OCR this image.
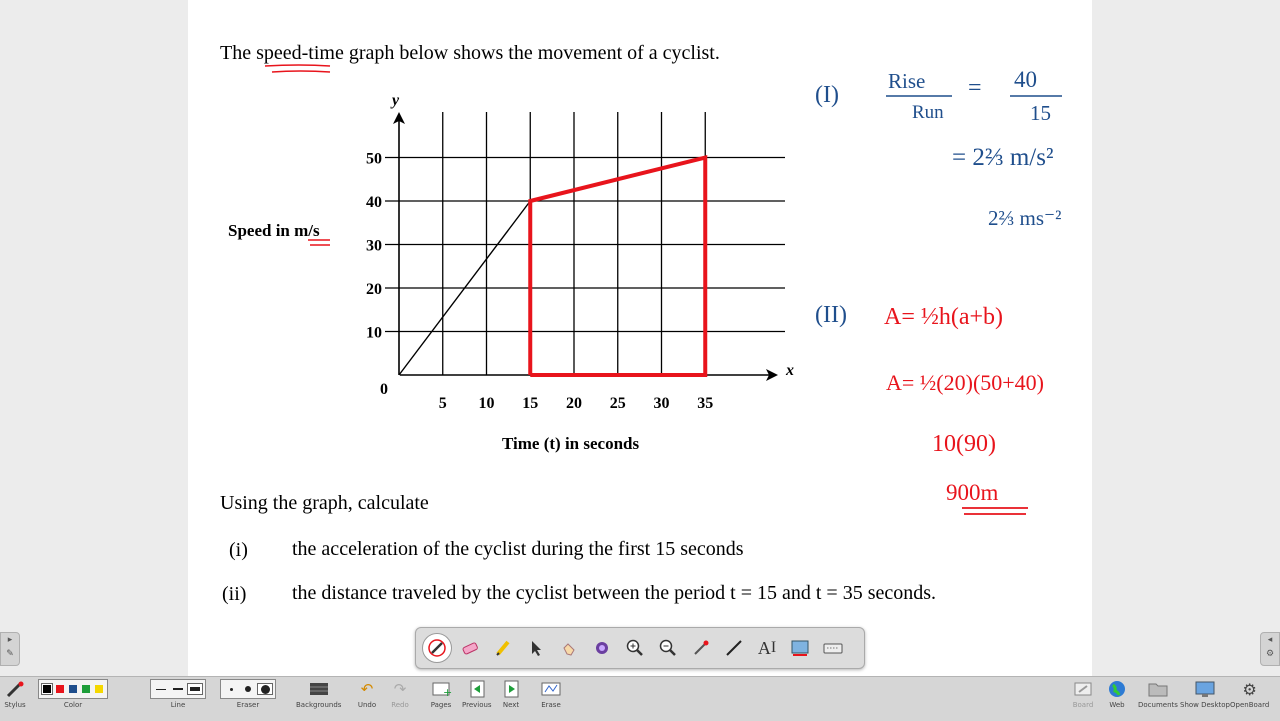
The speed-time graph below shows the movement of a cyclist.
y
x
0
10
20
30
40
50
5 10 15 20 25 30 35
Speed in m/s
Time (t) in seconds
Using the graph, calculate
(i) the acceleration of the cyclist during the first 15 seconds
(ii) the distance traveled by the cyclist between the period t = 15 and t = 35 seconds.
(I)
Rise
Run
= 40
15
= 2⅔ m/s²
2⅔ ms⁻²
(II) A= ½h(a+b)
A= ½(20)(50+40)
10(90)
900m
▸
✎
◂
⚙
A I
Stylus	Color	Line	Eraser	Backgrounds
↶
Undo
↷
Redo
+
Pages Previous Next	Erase	Board Web Documents Show Desktop
⚙
OpenBoard
